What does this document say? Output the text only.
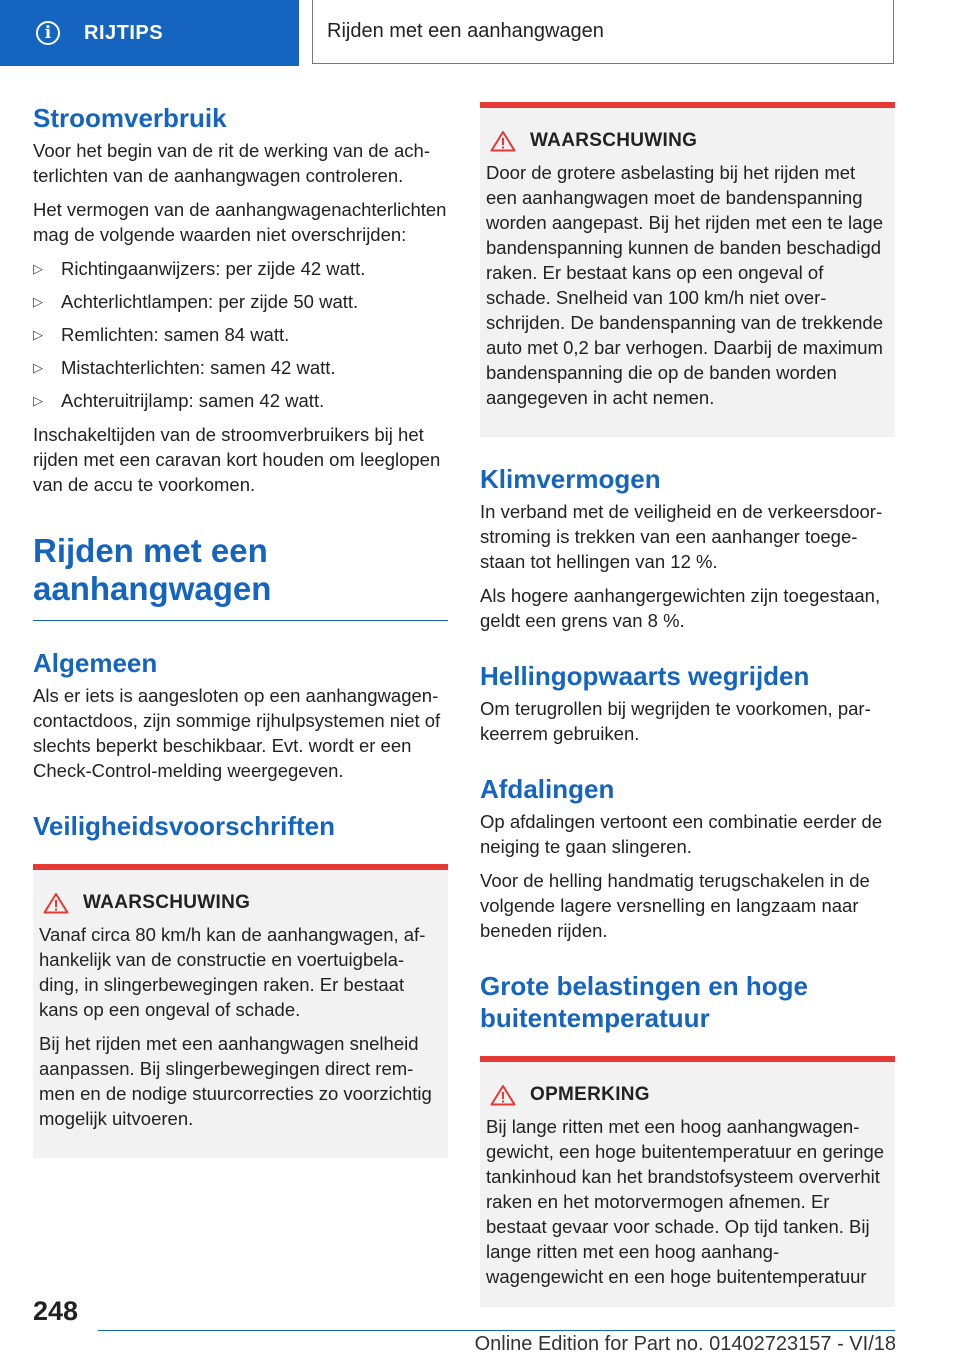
i	RIJTIPS	Rijden met een aanhangwagen
Stroomverbruik

Voor het begin van de rit de werking van de achterlichten van de aanhangwagen controleren.

Het vermogen van de aanhangwagenachterlichten mag de volgende waarden niet overschrijden:

▷ Richtingaanwijzers: per zijde 42 watt.
▷ Achterlichtlampen: per zijde 50 watt.
▷ Remlichten: samen 84 watt.
▷ Mistachterlichten: samen 42 watt.
▷ Achteruitrijlamp: samen 42 watt.

Inschakeltijden van de stroomverbruikers bij het rijden met een caravan kort houden om leeglopen van de accu te voorkomen.

Rijden met een aanhangwagen
Algemeen

Als er iets is aangesloten op een aanhangwagencontactdoos, zijn sommige rijhulpsystemen niet of slechts beperkt beschikbaar. Evt. wordt er een Check-Control-melding weergegeven.

Veiligheidsvoorschriften
WAARSCHUWING

Vanaf circa 80 km/h kan de aanhangwagen, afhankelijk van de constructie en voertuigbelading, in slingerbewegingen raken. Er bestaat kans op een ongeval of schade.

Bij het rijden met een aanhangwagen snelheid aanpassen. Bij slingerbewegingen direct remmen en de nodige stuurcorrecties zo voorzichtig mogelijk uitvoeren.

WAARSCHUWING

Door de grotere asbelasting bij het rijden met een aanhangwagen moet de bandenspanning worden aangepast. Bij het rijden met een te lage bandenspanning kunnen de banden beschadigd raken. Er bestaat kans op een ongeval of schade. Snelheid van 100 km/h niet overschrijden. De bandenspanning van de trekkende auto met 0,2 bar verhogen. Daarbij de maximum bandenspanning die op de banden worden aangegeven in acht nemen.

Klimvermogen

In verband met de veiligheid en de verkeersdoorstroming is trekken van een aanhanger toegestaan tot hellingen van 12 %.

Als hogere aanhangergewichten zijn toegestaan, geldt een grens van 8 %.

Hellingopwaarts wegrijden

Om terugrollen bij wegrijden te voorkomen, parkeerrem gebruiken.

Afdalingen

Op afdalingen vertoont een combinatie eerder de neiging te gaan slingeren.

Voor de helling handmatig terugschakelen in de volgende lagere versnelling en langzaam naar beneden rijden.

Grote belastingen en hoge buitentemperatuur
OPMERKING

Bij lange ritten met een hoog aanhangwagengewicht, een hoge buitentemperatuur en geringe tankinhoud kan het brandstofsysteem oververhit raken en het motorvermogen afnemen. Er bestaat gevaar voor schade. Op tijd tanken. Bij lange ritten met een hoog aanhangwagengewicht en een hoge buitentemperatuur

248
Online Edition for Part no. 01402723157 - VI/18
